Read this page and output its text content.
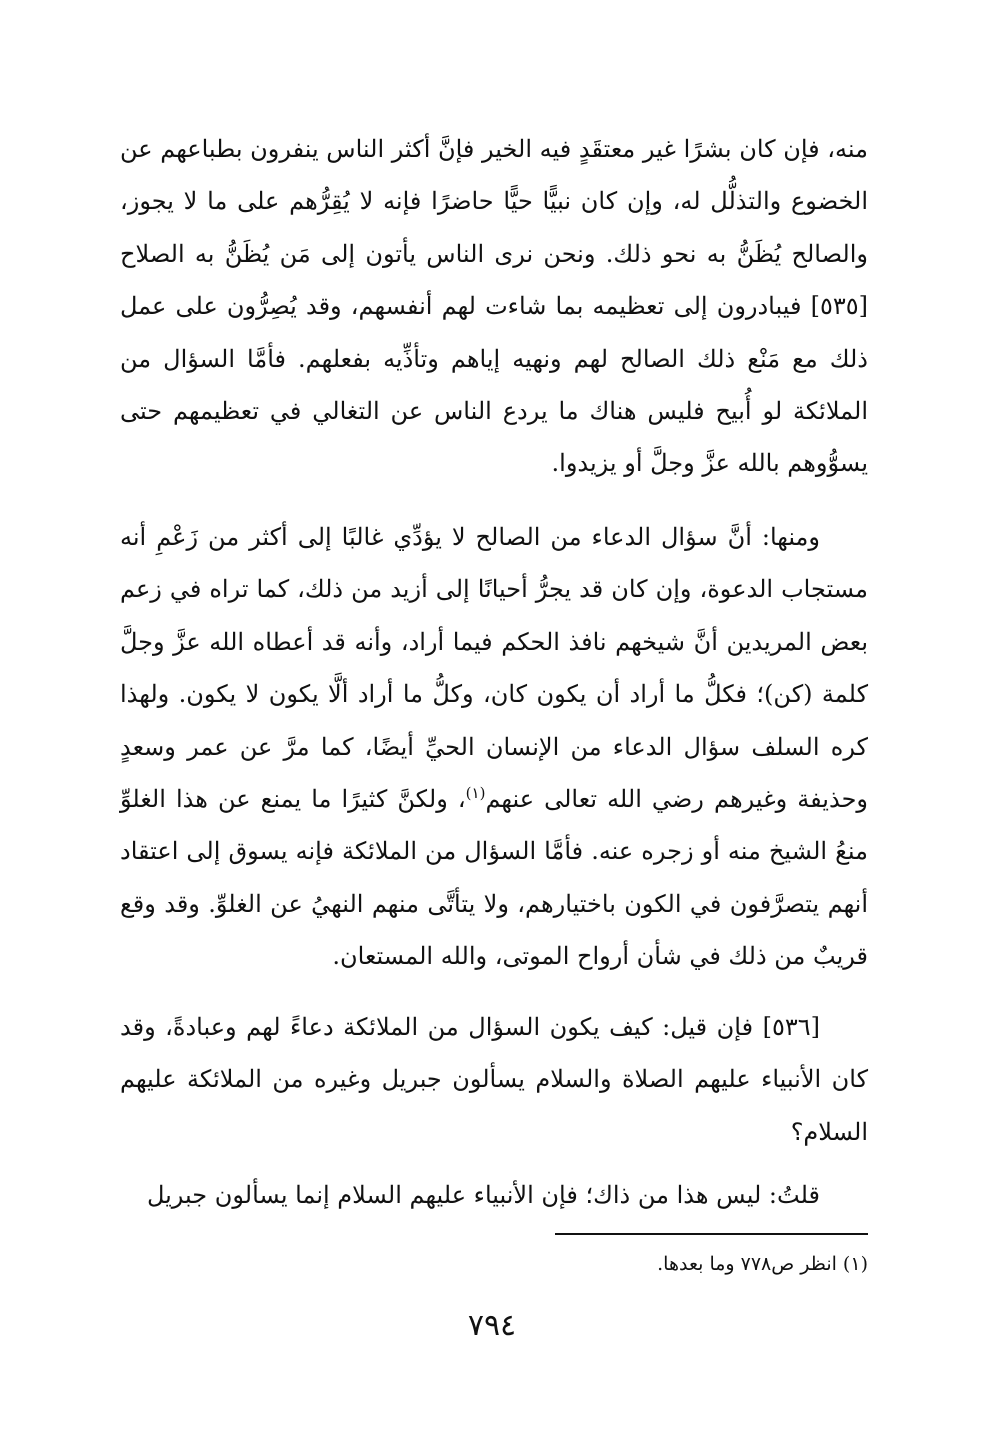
منه، فإن كان بشرًا غير معتقَدٍ فيه الخير فإنَّ أكثر الناس ينفرون بطباعهم عن الخضوع والتذلُّل له، وإن كان نبيًّا حيًّا حاضرًا فإنه لا يُقِرُّهم على ما لا يجوز، والصالح يُظَنُّ به نحو ذلك. ونحن نرى الناس يأتون إلى مَن يُظَنُّ به الصلاح [٥٣٥] فيبادرون إلى تعظيمه بما شاءت لهم أنفسهم، وقد يُصِرُّون على عمل ذلك مع مَنْع ذلك الصالح لهم ونهيه إياهم وتأذِّيه بفعلهم. فأمَّا السؤال من الملائكة لو أُبيح فليس هناك ما يردع الناس عن التغالي في تعظيمهم حتى يسوُّوهم بالله عزَّ وجلَّ أو يزيدوا.

ومنها: أنَّ سؤال الدعاء من الصالح لا يؤدِّي غالبًا إلى أكثر من زَعْمِ أنه مستجاب الدعوة، وإن كان قد يجرُّ أحيانًا إلى أزيد من ذلك، كما تراه في زعم بعض المريدين أنَّ شيخهم نافذ الحكم فيما أراد، وأنه قد أعطاه الله عزَّ وجلَّ كلمة (كن)؛ فكلُّ ما أراد أن يكون كان، وكلُّ ما أراد ألَّا يكون لا يكون. ولهذا كره السلف سؤال الدعاء من الإنسان الحيِّ أيضًا، كما مرَّ عن عمر وسعدٍ وحذيفة وغيرهم رضي الله تعالى عنهم$^{(١)}$، ولكنَّ كثيرًا ما يمنع عن هذا الغلوِّ منعُ الشيخ منه أو زجره عنه. فأمَّا السؤال من الملائكة فإنه يسوق إلى اعتقاد أنهم يتصرَّفون في الكون باختيارهم، ولا يتأتَّى منهم النهيُ عن الغلوِّ. وقد وقع قريبٌ من ذلك في شأن أرواح الموتى، والله المستعان.

[٥٣٦] فإن قيل: كيف يكون السؤال من الملائكة دعاءً لهم وعبادةً، وقد كان الأنبياء عليهم الصلاة والسلام يسألون جبريل وغيره من الملائكة عليهم السلام؟

قلتُ: ليس هذا من ذاك؛ فإن الأنبياء عليهم السلام إنما يسألون جبريل

(١) انظر ص٧٧٨ وما بعدها.
٧٩٤
